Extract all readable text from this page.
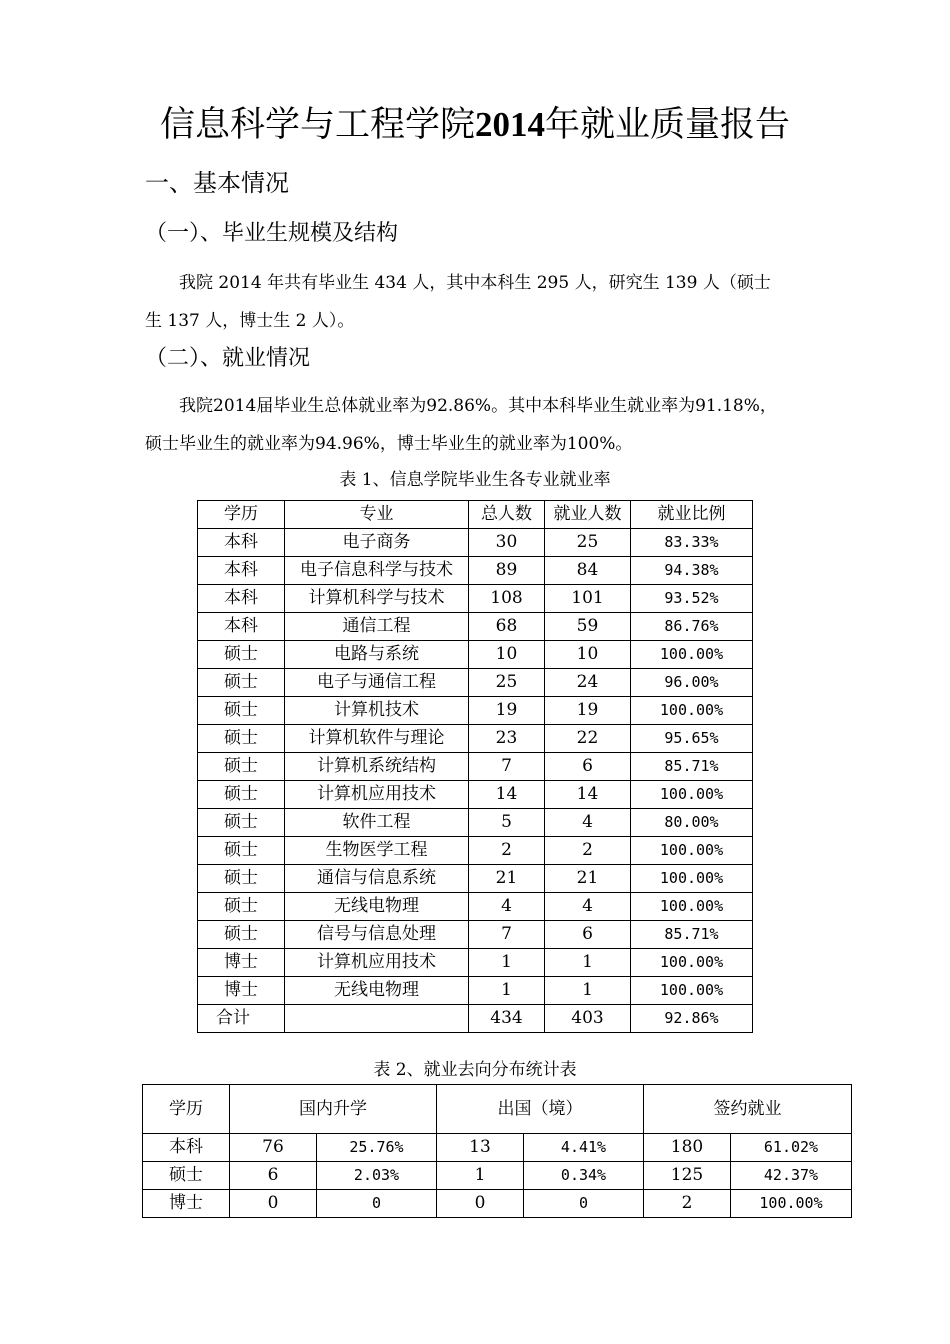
信息科学与工程学院2014年就业质量报告
一、基本情况
（一）、毕业生规模及结构
我院 2014 年共有毕业生 434 人，其中本科生 295 人，研究生 139 人（硕士
生 137 人，博士生 2 人）。
（二）、就业情况
我院2014届毕业生总体就业率为92.86%。其中本科毕业生就业率为91.18%，
硕士毕业生的就业率为94.96%，博士毕业生的就业率为100%。
表 1、信息学院毕业生各专业就业率
学历	专业	总人数	就业人数	就业比例
本科	电子商务	30	25	83.33%
本科	电子信息科学与技术	89	84	94.38%
本科	计算机科学与技术	108	101	93.52%
本科	通信工程	68	59	86.76%
硕士	电路与系统	10	10	100.00%
硕士	电子与通信工程	25	24	96.00%
硕士	计算机技术	19	19	100.00%
硕士	计算机软件与理论	23	22	95.65%
硕士	计算机系统结构	7	6	85.71%
硕士	计算机应用技术	14	14	100.00%
硕士	软件工程	5	4	80.00%
硕士	生物医学工程	2	2	100.00%
硕士	通信与信息系统	21	21	100.00%
硕士	无线电物理	4	4	100.00%
硕士	信号与信息处理	7	6	85.71%
博士	计算机应用技术	1	1	100.00%
博士	无线电物理	1	1	100.00%
合计		434	403	92.86%
表 2、就业去向分布统计表
学历	国内升学		出国（境）		签约就业	
本科	76	25.76%	13	4.41%	180	61.02%
硕士	6	2.03%	1	0.34%	125	42.37%
博士	0	0	0	0	2	100.00%
